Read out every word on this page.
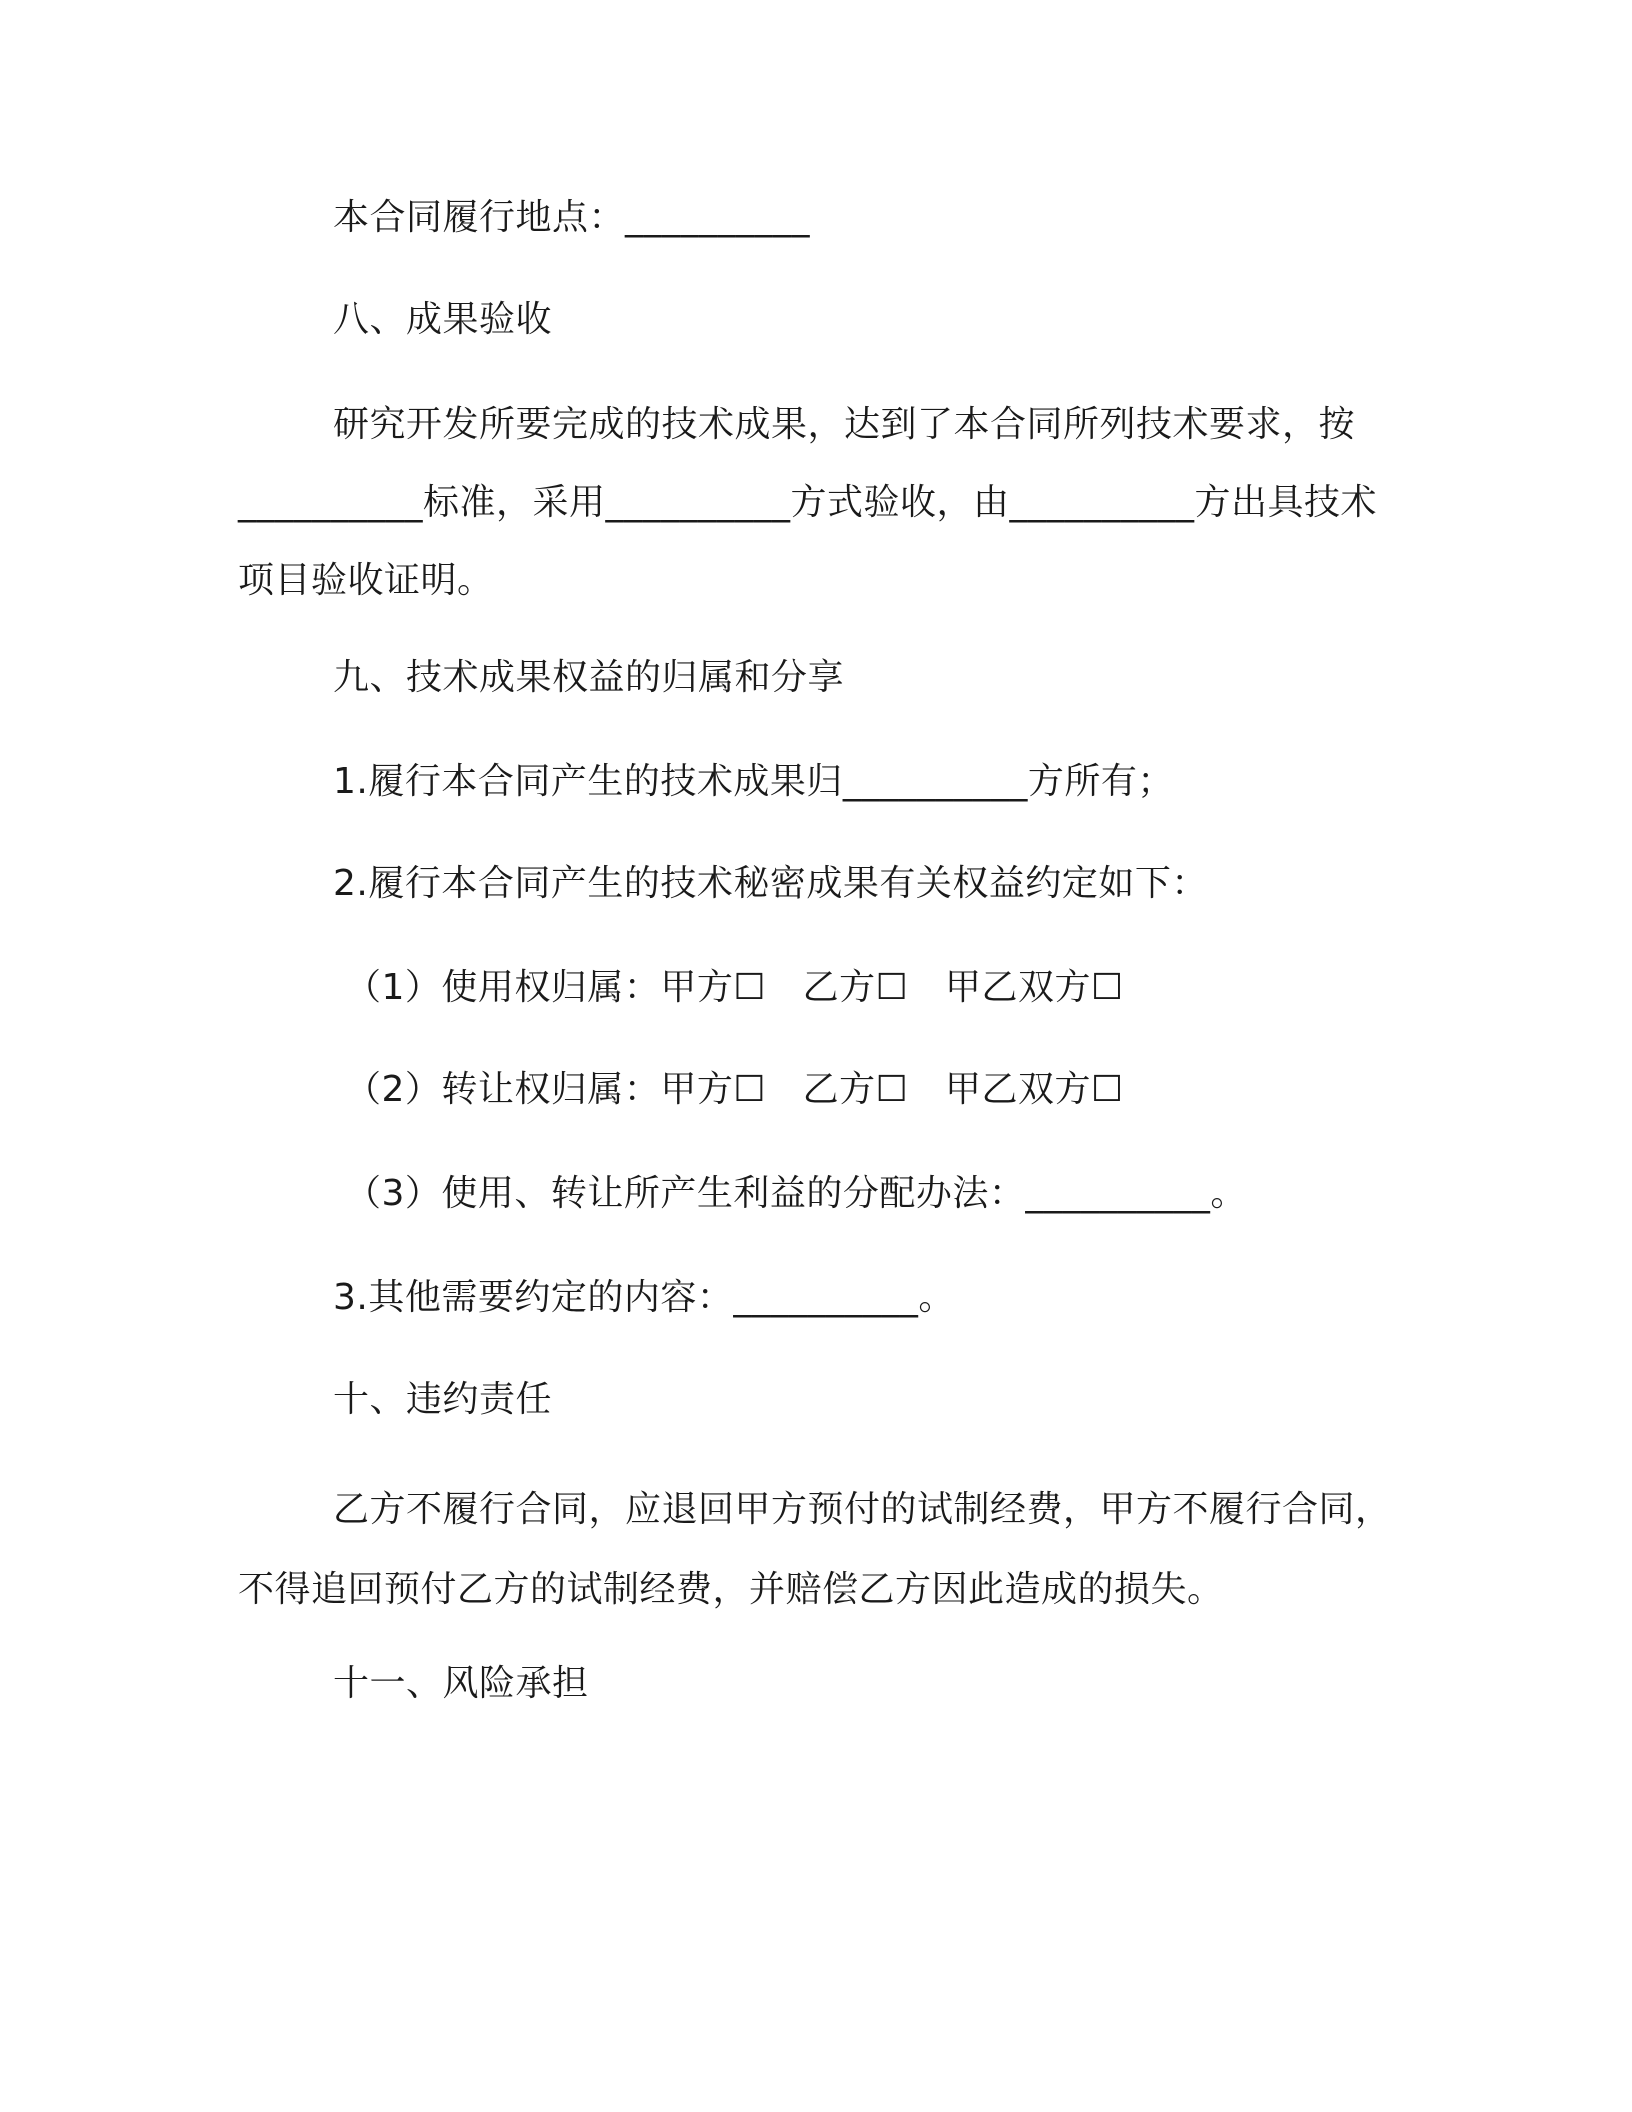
本合同履行地点：__________
八、成果验收

研究开发所要完成的技术成果，达到了本合同所列技术要求，按__________标准，采用__________方式验收，由__________方出具技术项目验收证明。

九、技术成果权益的归属和分享
1.履行本合同产生的技术成果归__________方所有；
2.履行本合同产生的技术秘密成果有关权益约定如下：
（1）使用权归属：甲方☐　乙方☐　甲乙双方☐
（2）转让权归属：甲方☐　乙方☐　甲乙双方☐
（3）使用、转让所产生利益的分配办法：__________。
3.其他需要约定的内容：__________。
十、违约责任

乙方不履行合同，应退回甲方预付的试制经费，甲方不履行合同，不得追回预付乙方的试制经费，并赔偿乙方因此造成的损失。

十一、风险承担
